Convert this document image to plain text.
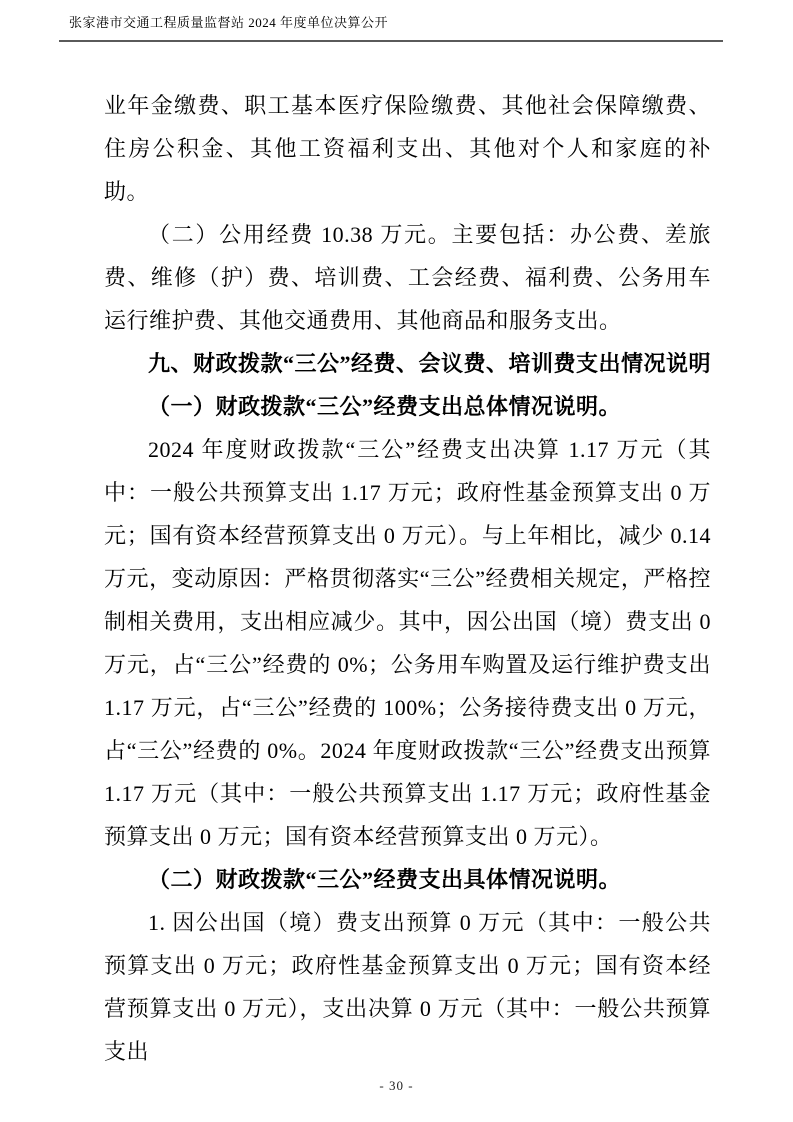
张家港市交通工程质量监督站 2024 年度单位决算公开

业年金缴费、职工基本医疗保险缴费、其他社会保障缴费、住房公积金、其他工资福利支出、其他对个人和家庭的补助。

（二）公用经费 10.38 万元。主要包括：办公费、差旅费、维修（护）费、培训费、工会经费、福利费、公务用车运行维护费、其他交通费用、其他商品和服务支出。

九、财政拨款“三公”经费、会议费、培训费支出情况说明

（一）财政拨款“三公”经费支出总体情况说明。

2024 年度财政拨款“三公”经费支出决算 1.17 万元（其中：一般公共预算支出 1.17 万元；政府性基金预算支出 0 万元；国有资本经营预算支出 0 万元）。与上年相比，减少 0.14 万元，变动原因：严格贯彻落实“三公”经费相关规定，严格控制相关费用，支出相应减少。其中，因公出国（境）费支出 0 万元，占“三公”经费的 0%；公务用车购置及运行维护费支出 1.17 万元，占“三公”经费的 100%；公务接待费支出 0 万元，占“三公”经费的 0%。2024 年度财政拨款“三公”经费支出预算 1.17 万元（其中：一般公共预算支出 1.17 万元；政府性基金预算支出 0 万元；国有资本经营预算支出 0 万元）。

（二）财政拨款“三公”经费支出具体情况说明。

1. 因公出国（境）费支出预算 0 万元（其中：一般公共预算支出 0 万元；政府性基金预算支出 0 万元；国有资本经营预算支出 0 万元），支出决算 0 万元（其中：一般公共预算支出

- 30 -
